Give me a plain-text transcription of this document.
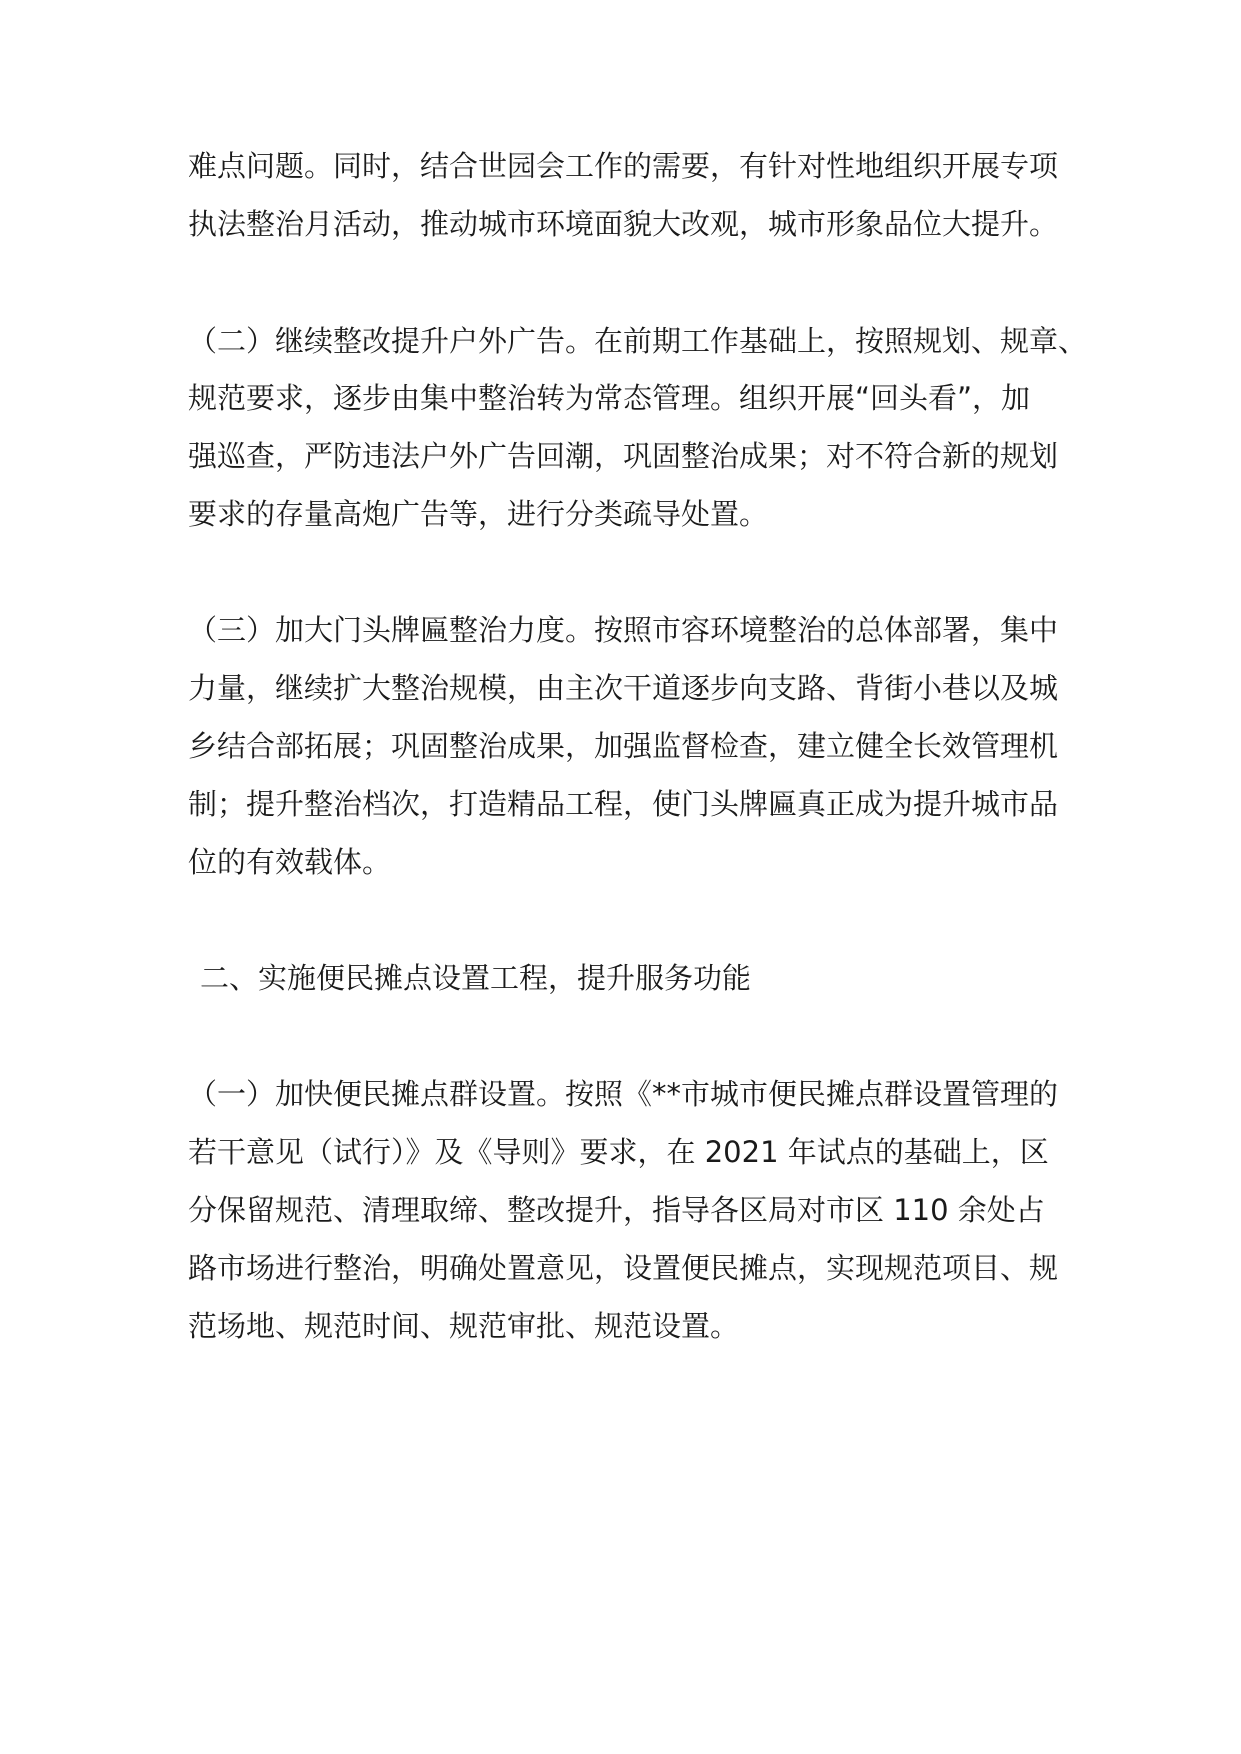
难点问题。同时，结合世园会工作的需要，有针对性地组织开展专项
执法整治月活动，推动城市环境面貌大改观，城市形象品位大提升。
（二）继续整改提升户外广告。在前期工作基础上，按照规划、规章、
规范要求，逐步由集中整治转为常态管理。组织开展“回头看”，加
强巡查，严防违法户外广告回潮，巩固整治成果；对不符合新的规划
要求的存量高炮广告等，进行分类疏导处置。
（三）加大门头牌匾整治力度。按照市容环境整治的总体部署，集中
力量，继续扩大整治规模，由主次干道逐步向支路、背街小巷以及城
乡结合部拓展；巩固整治成果，加强监督检查，建立健全长效管理机
制；提升整治档次，打造精品工程，使门头牌匾真正成为提升城市品
位的有效载体。
二、实施便民摊点设置工程，提升服务功能
（一）加快便民摊点群设置。按照《**市城市便民摊点群设置管理的
若干意见（试行）》及《导则》要求，在 2021 年试点的基础上，区
分保留规范、清理取缔、整改提升，指导各区局对市区 110 余处占
路市场进行整治，明确处置意见，设置便民摊点，实现规范项目、规
范场地、规范时间、规范审批、规范设置。
